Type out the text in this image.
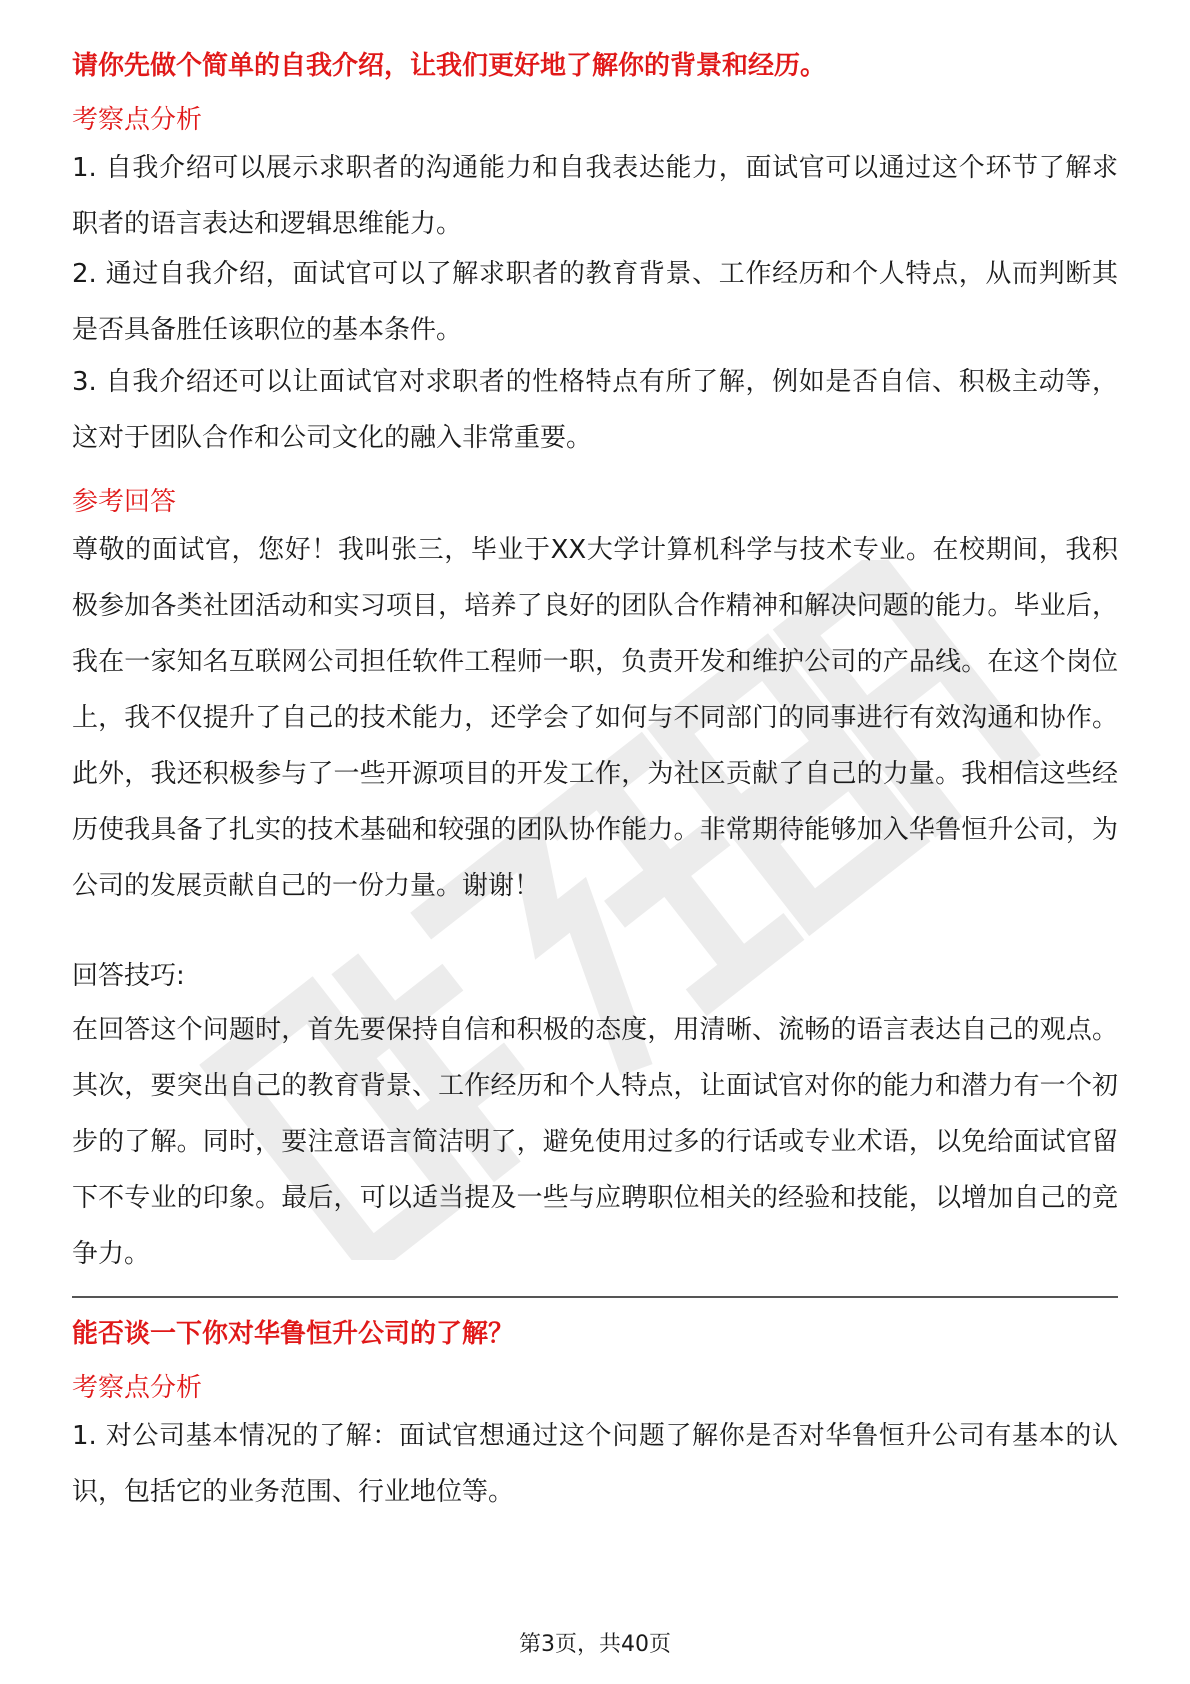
请你先做个简单的自我介绍，让我们更好地了解你的背景和经历。
考察点分析
1. 自我介绍可以展示求职者的沟通能力和自我表达能力，面试官可以通过这个环节了解求职者的语言表达和逻辑思维能力。
2. 通过自我介绍，面试官可以了解求职者的教育背景、工作经历和个人特点，从而判断其是否具备胜任该职位的基本条件。
3. 自我介绍还可以让面试官对求职者的性格特点有所了解，例如是否自信、积极主动等，这对于团队合作和公司文化的融入非常重要。
参考回答
尊敬的面试官，您好！我叫张三，毕业于XX大学计算机科学与技术专业。在校期间，我积极参加各类社团活动和实习项目，培养了良好的团队合作精神和解决问题的能力。毕业后，我在一家知名互联网公司担任软件工程师一职，负责开发和维护公司的产品线。在这个岗位上，我不仅提升了自己的技术能力，还学会了如何与不同部门的同事进行有效沟通和协作。此外，我还积极参与了一些开源项目的开发工作，为社区贡献了自己的力量。我相信这些经历使我具备了扎实的技术基础和较强的团队协作能力。非常期待能够加入华鲁恒升公司，为公司的发展贡献自己的一份力量。谢谢！
回答技巧:
在回答这个问题时，首先要保持自信和积极的态度，用清晰、流畅的语言表达自己的观点。其次，要突出自己的教育背景、工作经历和个人特点，让面试官对你的能力和潜力有一个初步的了解。同时，要注意语言简洁明了，避免使用过多的行话或专业术语，以免给面试官留下不专业的印象。最后，可以适当提及一些与应聘职位相关的经验和技能，以增加自己的竞争力。
能否谈一下你对华鲁恒升公司的了解？
考察点分析
1. 对公司基本情况的了解：面试官想通过这个问题了解你是否对华鲁恒升公司有基本的认识，包括它的业务范围、行业地位等。
第3页，共40页
